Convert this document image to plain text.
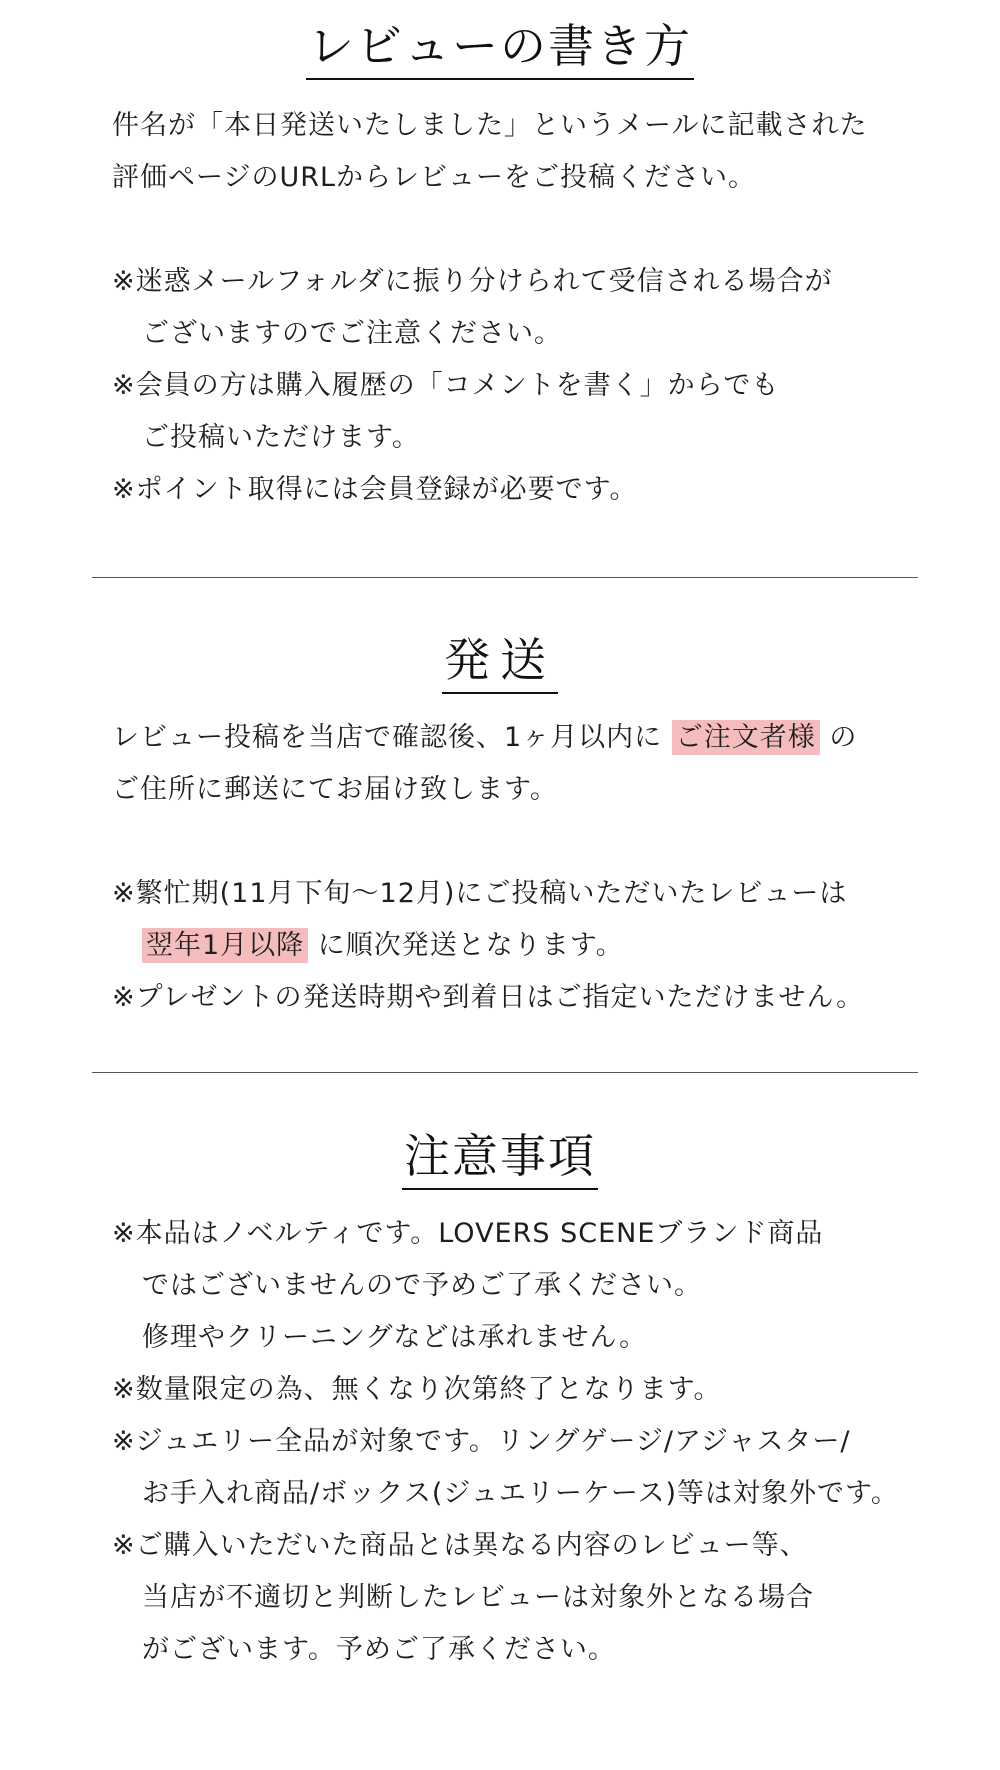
レビューの書き方
件名が「本日発送いたしました」というメールに記載された
評価ページのURLからレビューをご投稿ください。
※迷惑メールフォルダに振り分けられて受信される場合が
ございますのでご注意ください。
※会員の方は購入履歴の「コメントを書く」からでも
ご投稿いただけます。
※ポイント取得には会員登録が必要です。
発送
レビュー投稿を当店で確認後、1ヶ月以内に ご注文者様 の
ご住所に郵送にてお届け致します。
※繁忙期(11月下旬～12月)にご投稿いただいたレビューは
翌年1月以降 に順次発送となります。
※プレゼントの発送時期や到着日はご指定いただけません。
注意事項
※本品はノベルティです。LOVERS SCENEブランド商品
ではございませんので予めご了承ください。
修理やクリーニングなどは承れません。
※数量限定の為、無くなり次第終了となります。
※ジュエリー全品が対象です。リングゲージ/アジャスター/
お手入れ商品/ボックス(ジュエリーケース)等は対象外です。
※ご購入いただいた商品とは異なる内容のレビュー等、
当店が不適切と判断したレビューは対象外となる場合
がございます。予めご了承ください。
